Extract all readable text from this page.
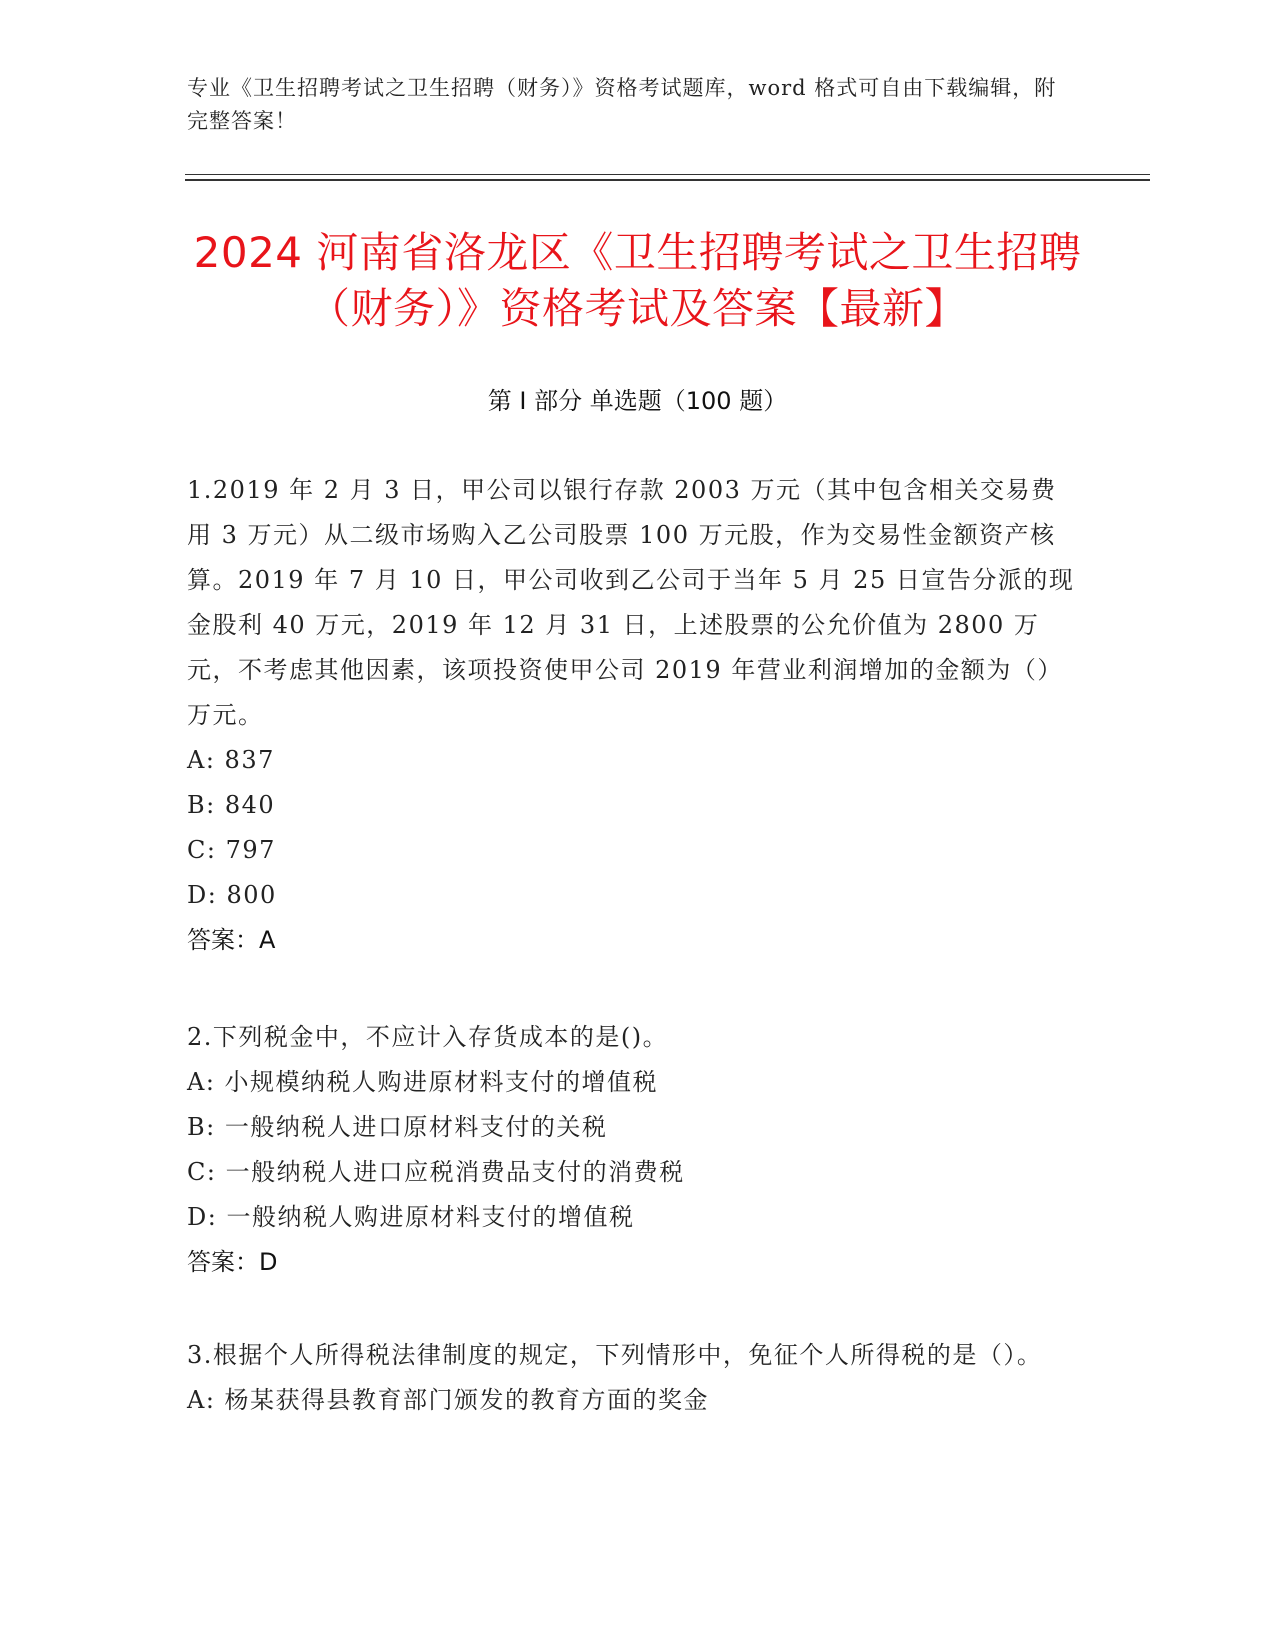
专业《卫生招聘考试之卫生招聘（财务）》资格考试题库，word 格式可自由下载编辑，附完整答案！
2024 河南省洛龙区《卫生招聘考试之卫生招聘（财务）》资格考试及答案【最新】
第 I 部分 单选题（100 题）
1.2019 年 2 月 3 日，甲公司以银行存款 2003 万元（其中包含相关交易费用 3 万元）从二级市场购入乙公司股票 100 万元股，作为交易性金额资产核算。2019 年 7 月 10 日，甲公司收到乙公司于当年 5 月 25 日宣告分派的现金股利 40 万元，2019 年 12 月 31 日，上述股票的公允价值为 2800 万元，不考虑其他因素，该项投资使甲公司 2019 年营业利润增加的金额为（）万元。
A: 837
B: 840
C: 797
D: 800
答案：A
2.下列税金中，不应计入存货成本的是()。
A: 小规模纳税人购进原材料支付的增值税
B: 一般纳税人进口原材料支付的关税
C: 一般纳税人进口应税消费品支付的消费税
D: 一般纳税人购进原材料支付的增值税
答案：D
3.根据个人所得税法律制度的规定，下列情形中，免征个人所得税的是（）。
A: 杨某获得县教育部门颁发的教育方面的奖金
